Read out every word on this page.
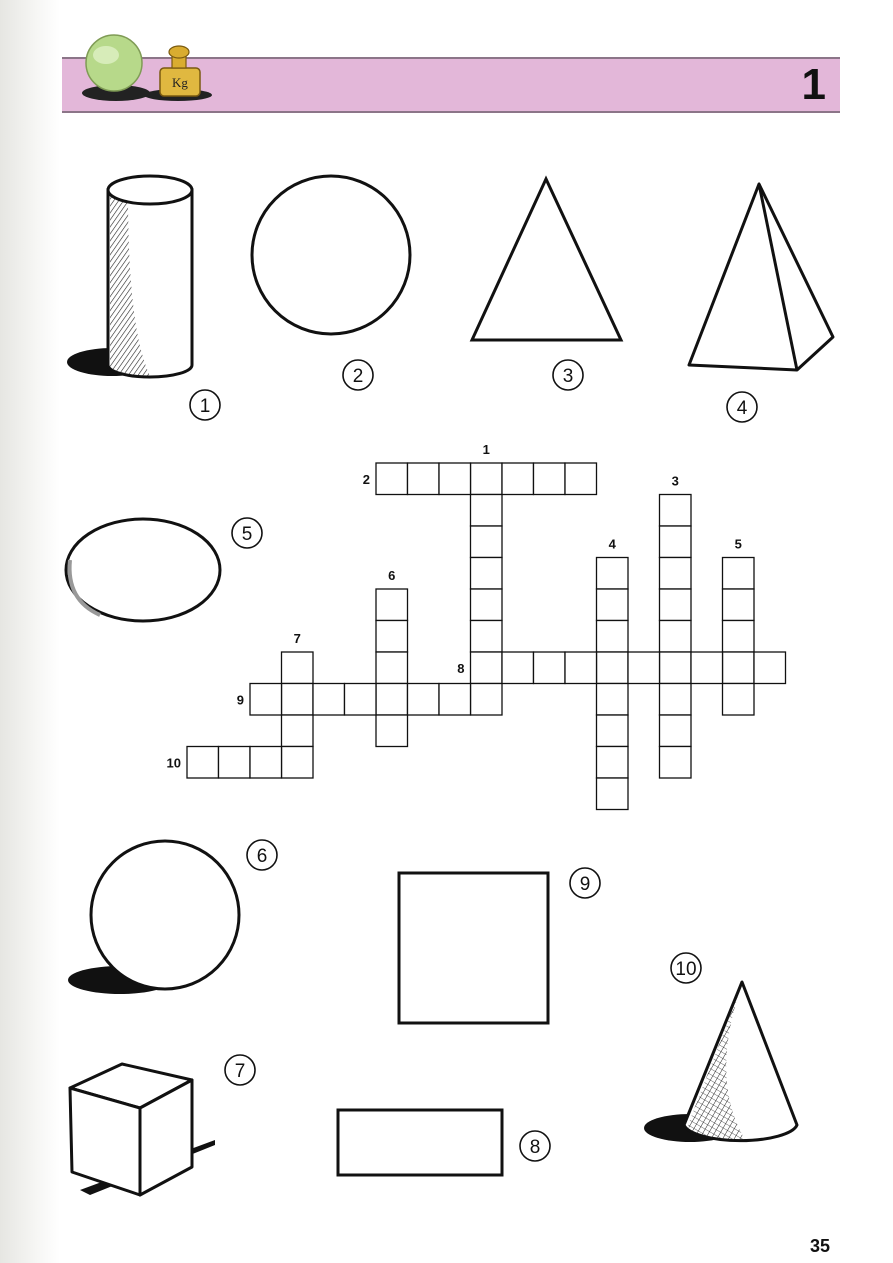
1
Kg
1
2	3
4
5
6
7
8
9
10
1
2	3
4	5
6
7
8
9
10
35
